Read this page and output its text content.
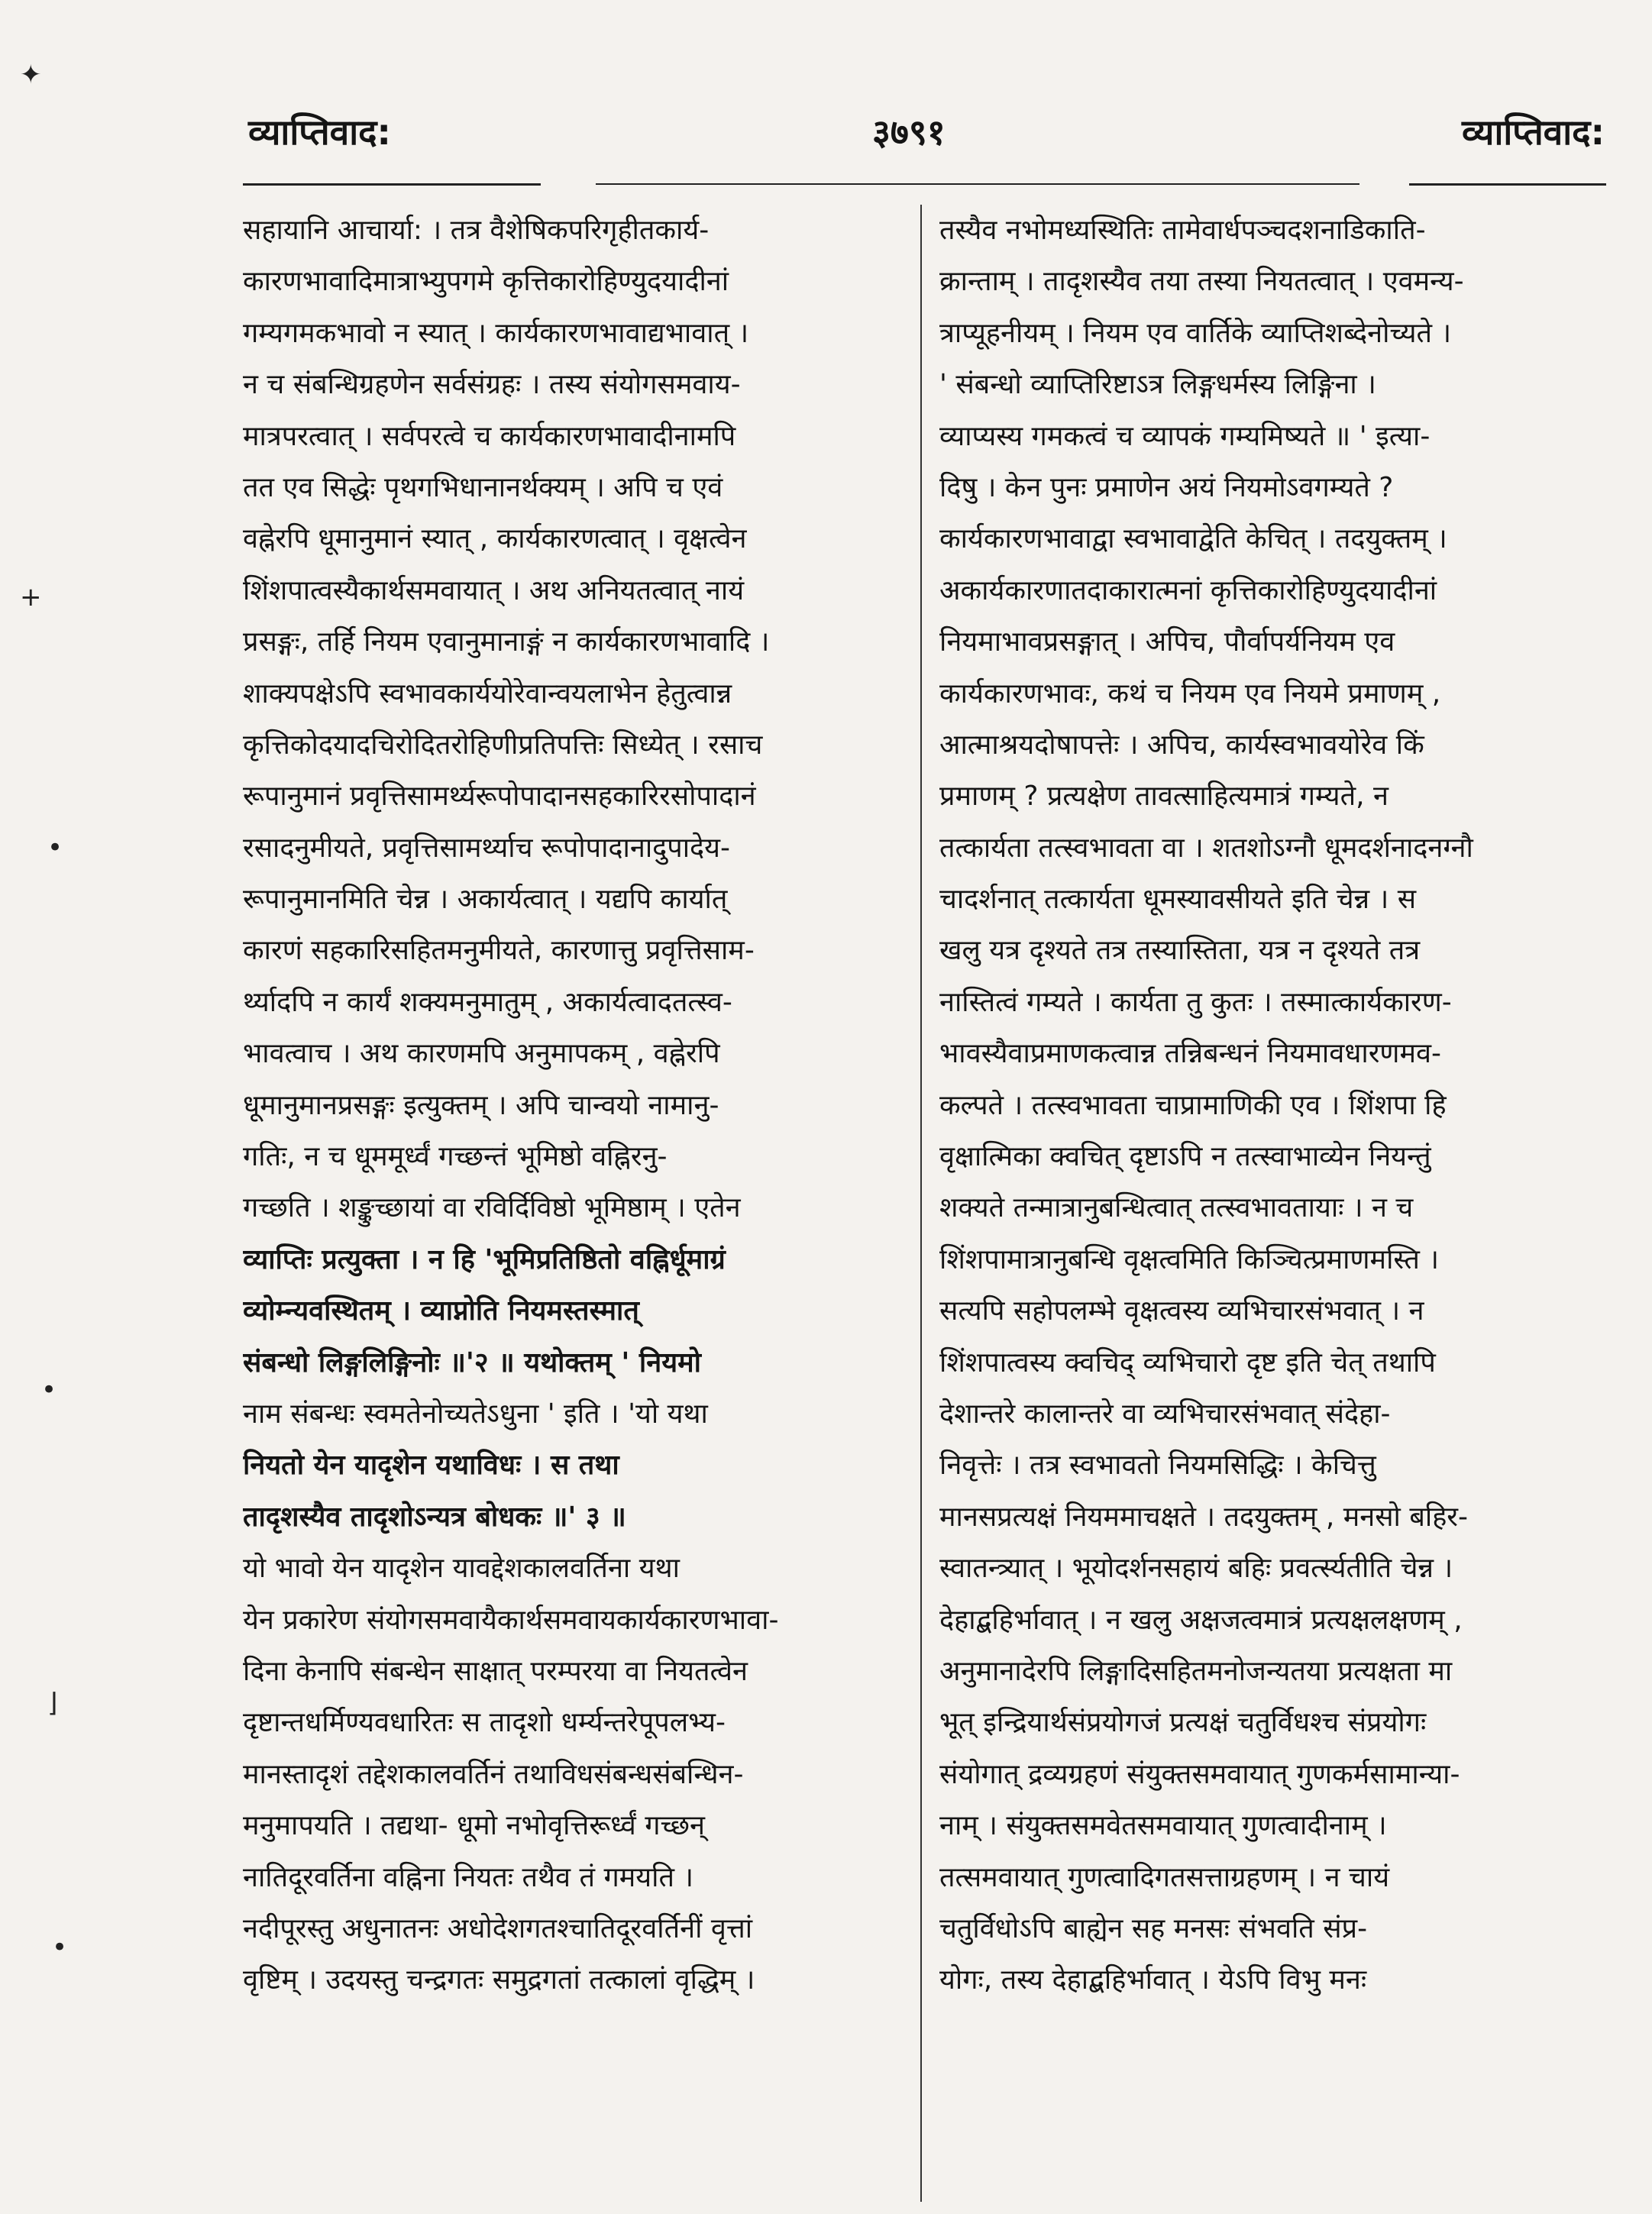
व्याप्तिवाद:	३७९१	व्याप्तिवाद:
✦
+
•
•
⌋
•
सहायानि आचार्या: । तत्र वैशेषिकपरिगृहीतकार्य-
कारणभावादिमात्राभ्युपगमे कृत्तिकारोहिण्युदयादीनां
गम्यगमकभावो न स्यात् । कार्यकारणभावाद्यभावात् ।
न च संबन्धिग्रहणेन सर्वसंग्रहः । तस्य संयोगसमवाय-
मात्रपरत्वात् । सर्वपरत्वे च कार्यकारणभावादीनामपि
तत एव सिद्धेः पृथगभिधानानर्थक्यम् । अपि च एवं
वह्नेरपि धूमानुमानं स्यात् , कार्यकारणत्वात् । वृक्षत्वेन
शिंशपात्वस्यैकार्थसमवायात् । अथ अनियतत्वात् नायं
प्रसङ्गः, तर्हि नियम एवानुमानाङ्गं न कार्यकारणभावादि ।
शाक्यपक्षेऽपि स्वभावकार्ययोरेवान्वयलाभेन हेतुत्वान्न
कृत्तिकोदयादचिरोदितरोहिणीप्रतिपत्तिः सिध्येत् । रसाच
रूपानुमानं प्रवृत्तिसामर्थ्यरूपोपादानसहकारिरसोपादानं
रसादनुमीयते, प्रवृत्तिसामर्थ्याच रूपोपादानादुपादेय-
रूपानुमानमिति चेन्न । अकार्यत्वात् । यद्यपि कार्यात्
कारणं सहकारिसहितमनुमीयते, कारणात्तु प्रवृत्तिसाम-
र्थ्यादपि न कार्यं शक्यमनुमातुम् , अकार्यत्वादतत्स्व-
भावत्वाच । अथ कारणमपि अनुमापकम् , वह्नेरपि
धूमानुमानप्रसङ्गः इत्युक्तम् । अपि चान्वयो नामानु-
गतिः, न च धूममूर्ध्वं गच्छन्तं भूमिष्ठो वह्निरनु-
गच्छति । शङ्कुच्छायां वा रविर्दिविष्ठो भूमिष्ठाम् । एतेन
व्याप्तिः प्रत्युक्ता । न हि 'भूमिप्रतिष्ठितो वह्निर्धूमाग्रं
व्योम्न्यवस्थितम् । व्याप्नोति नियमस्तस्मात्
संबन्धो लिङ्गलिङ्गिनोः ॥'२ ॥ यथोक्तम् ' नियमो
नाम संबन्धः स्वमतेनोच्यतेऽधुना ' इति । 'यो यथा
नियतो येन यादृशेन यथाविधः । स तथा
तादृशस्यैव तादृशोऽन्यत्र बोधकः ॥' ३ ॥
यो भावो येन यादृशेन यावद्देशकालवर्तिना यथा
येन प्रकारेण संयोगसमवायैकार्थसमवायकार्यकारणभावा-
दिना केनापि संबन्धेन साक्षात् परम्परया वा नियतत्वेन
दृष्टान्तधर्मिण्यवधारितः स तादृशो धर्म्यन्तरेपूपलभ्य-
मानस्तादृशं तद्देशकालवर्तिनं तथाविधसंबन्धसंबन्धिन-
मनुमापयति । तद्यथा- धूमो नभोवृत्तिरूर्ध्वं गच्छन्
नातिदूरवर्तिना वह्निना नियतः तथैव तं गमयति ।
नदीपूरस्तु अधुनातनः अधोदेशगतश्चातिदूरवर्तिनीं वृत्तां
वृष्टिम् । उदयस्तु चन्द्रगतः समुद्रगतां तत्कालां वृद्धिम् ।
तस्यैव नभोमध्यस्थितिः तामेवार्धपञ्चदशनाडिकाति-
क्रान्ताम् । तादृशस्यैव तया तस्या नियतत्वात् । एवमन्य-
त्राप्यूहनीयम् । नियम एव वार्तिके व्याप्तिशब्देनोच्यते ।
' संबन्धो व्याप्तिरिष्टाऽत्र लिङ्गधर्मस्य लिङ्गिना ।
व्याप्यस्य गमकत्वं च व्यापकं गम्यमिष्यते ॥ ' इत्या-
दिषु । केन पुनः प्रमाणेन अयं नियमोऽवगम्यते ?
कार्यकारणभावाद्वा स्वभावाद्वेति केचित् । तदयुक्तम् ।
अकार्यकारणातदाकारात्मनां कृत्तिकारोहिण्युदयादीनां
नियमाभावप्रसङ्गात् । अपिच, पौर्वापर्यनियम एव
कार्यकारणभावः, कथं च नियम एव नियमे प्रमाणम् ,
आत्माश्रयदोषापत्तेः । अपिच, कार्यस्वभावयोरेव किं
प्रमाणम् ? प्रत्यक्षेण तावत्साहित्यमात्रं गम्यते, न
तत्कार्यता तत्स्वभावता वा । शतशोऽग्नौ धूमदर्शनादनग्नौ
चादर्शनात् तत्कार्यता धूमस्यावसीयते इति चेन्न । स
खलु यत्र दृश्यते तत्र तस्यास्तिता, यत्र न दृश्यते तत्र
नास्तित्वं गम्यते । कार्यता तु कुतः । तस्मात्कार्यकारण-
भावस्यैवाप्रमाणकत्वान्न तन्निबन्धनं नियमावधारणमव-
कल्पते । तत्स्वभावता चाप्रामाणिकी एव । शिंशपा हि
वृक्षात्मिका क्वचित् दृष्टाऽपि न तत्स्वाभाव्येन नियन्तुं
शक्यते तन्मात्रानुबन्धित्वात् तत्स्वभावतायाः । न च
शिंशपामात्रानुबन्धि वृक्षत्वमिति किञ्चित्प्रमाणमस्ति ।
सत्यपि सहोपलम्भे वृक्षत्वस्य व्यभिचारसंभवात् । न
शिंशपात्वस्य क्वचिद् व्यभिचारो दृष्ट इति चेत् तथापि
देशान्तरे कालान्तरे वा व्यभिचारसंभवात् संदेहा-
निवृत्तेः । तत्र स्वभावतो नियमसिद्धिः । केचित्तु
मानसप्रत्यक्षं नियममाचक्षते । तदयुक्तम् , मनसो बहिर-
स्वातन्त्र्यात् । भूयोदर्शनसहायं बहिः प्रवर्त्स्यतीति चेन्न ।
देहाद्बहिर्भावात् । न खलु अक्षजत्वमात्रं प्रत्यक्षलक्षणम् ,
अनुमानादेरपि लिङ्गादिसहितमनोजन्यतया प्रत्यक्षता मा
भूत् इन्द्रियार्थसंप्रयोगजं प्रत्यक्षं चतुर्विधश्च संप्रयोगः
संयोगात् द्रव्यग्रहणं संयुक्तसमवायात् गुणकर्मसामान्या-
नाम् । संयुक्तसमवेतसमवायात् गुणत्वादीनाम् ।
तत्समवायात् गुणत्वादिगतसत्ताग्रहणम् । न चायं
चतुर्विधोऽपि बाह्येन सह मनसः संभवति संप्र-
योगः, तस्य देहाद्बहिर्भावात् । येऽपि विभु मनः
